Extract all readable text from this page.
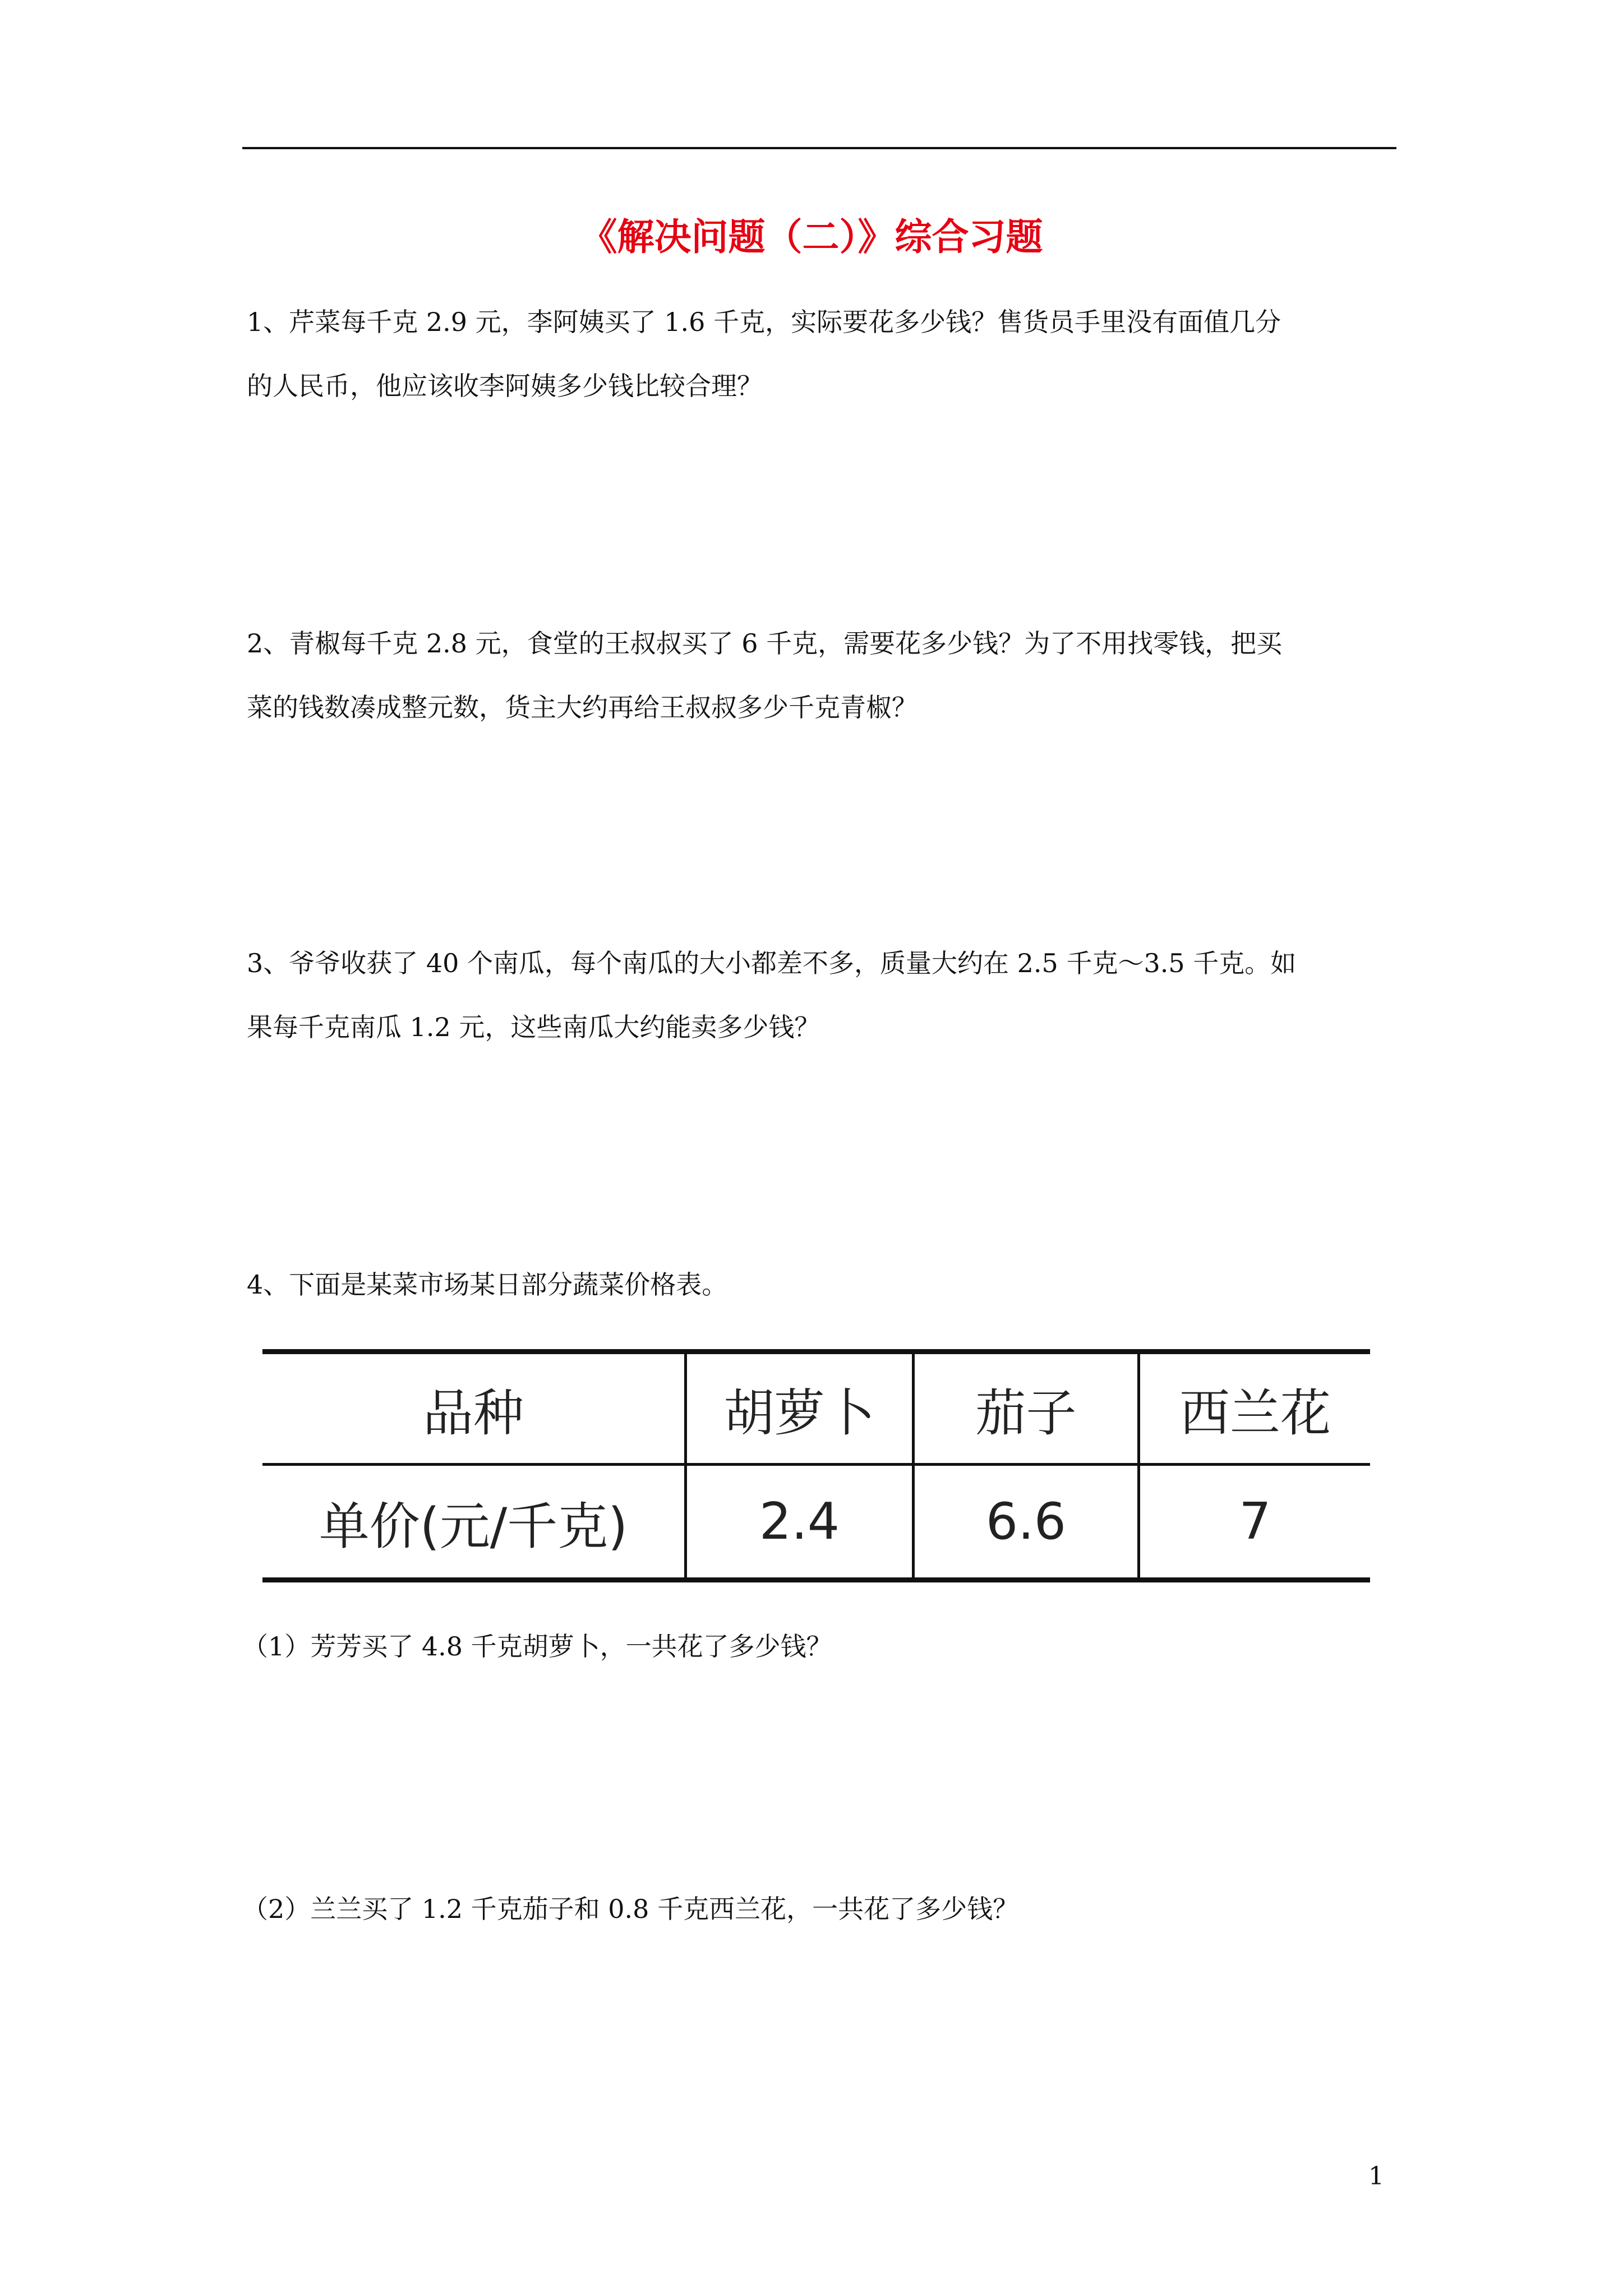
《解决问题（二）》综合习题
1、芹菜每千克 2.9 元，李阿姨买了 1.6 千克，实际要花多少钱？售货员手里没有面值几分
的人民币，他应该收李阿姨多少钱比较合理？
2、青椒每千克 2.8 元，食堂的王叔叔买了 6 千克，需要花多少钱？为了不用找零钱，把买
菜的钱数凑成整元数，货主大约再给王叔叔多少千克青椒？
3、爷爷收获了 40 个南瓜，每个南瓜的大小都差不多，质量大约在 2.5 千克～3.5 千克。如
果每千克南瓜 1.2 元，这些南瓜大约能卖多少钱？
4、下面是某菜市场某日部分蔬菜价格表。
品种	胡萝卜	茄子	西兰花
单价(元/千克)	2.4	6.6	7
（1）芳芳买了 4.8 千克胡萝卜，一共花了多少钱？
（2）兰兰买了 1.2 千克茄子和 0.8 千克西兰花，一共花了多少钱？
1
